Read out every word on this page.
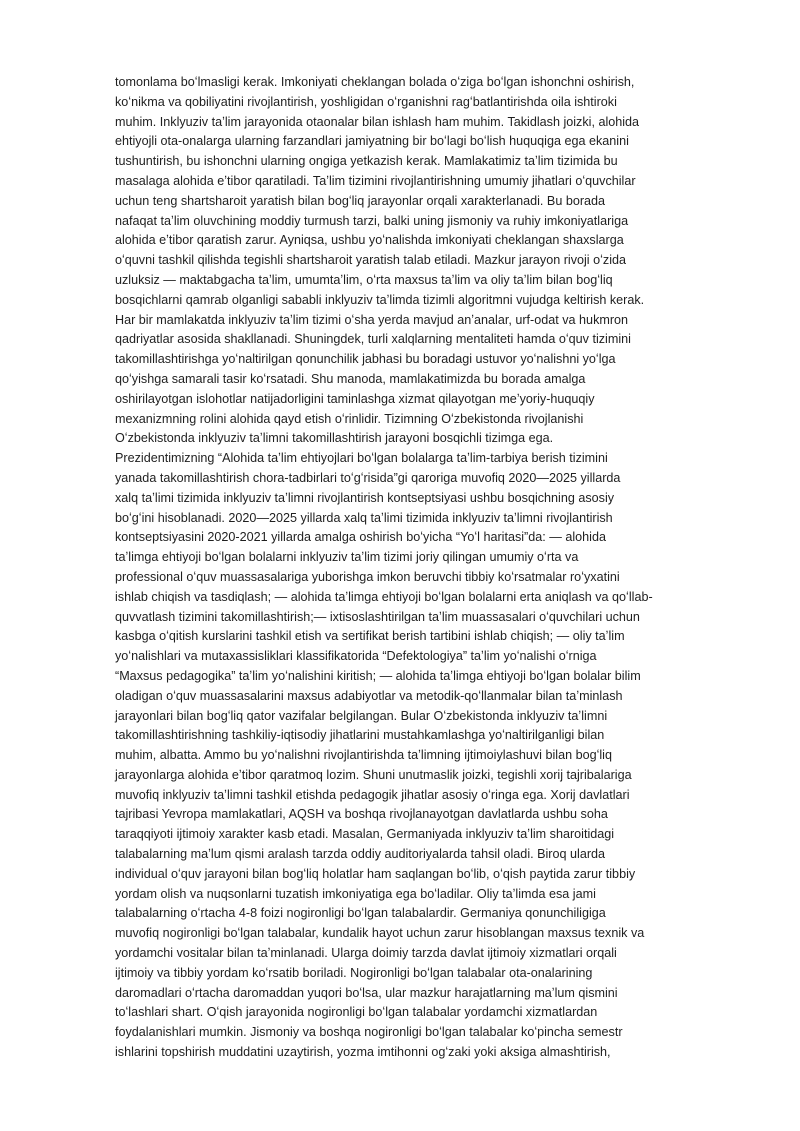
tomonlama boʻlmasligi kerak. Imkoniyati cheklangan bolada oʻziga boʻlgan ishonchni oshirish,
koʻnikma va qobiliyatini rivojlantirish, yoshligidan oʻrganishni ragʻbatlantirishda oila ishtiroki
muhim. Inklyuziv taʼlim jarayonida otaonalar bilan ishlash ham muhim. Takidlash joizki, alohida
ehtiyojli ota-onalarga ularning farzandlari jamiyatning bir boʻlagi boʻlish huquqiga ega ekanini
tushuntirish, bu ishonchni ularning ongiga yetkazish kerak. Mamlakatimiz taʼlim tizimida bu
masalaga alohida eʼtibor qaratiladi. Taʼlim tizimini rivojlantirishning umumiy jihatlari oʻquvchilar
uchun teng shartsharoit yaratish bilan bogʻliq jarayonlar orqali xarakterlanadi. Bu borada
nafaqat taʼlim oluvchining moddiy turmush tarzi, balki uning jismoniy va ruhiy imkoniyatlariga
alohida eʼtibor qaratish zarur. Ayniqsa, ushbu yoʻnalishda imkoniyati cheklangan shaxslarga
oʻquvni tashkil qilishda tegishli shartsharoit yaratish talab etiladi. Mazkur jarayon rivoji oʻzida
uzluksiz — maktabgacha taʼlim, umumtaʼlim, oʻrta maxsus taʼlim va oliy taʼlim bilan bogʻliq
bosqichlarni qamrab olganligi sababli inklyuziv taʼlimda tizimli algoritmni vujudga keltirish kerak.
Har bir mamlakatda inklyuziv taʼlim tizimi oʻsha yerda mavjud anʼanalar, urf-odat va hukmron
qadriyatlar asosida shakllanadi. Shuningdek, turli xalqlarning mentaliteti hamda oʻquv tizimini
takomillashtirishga yoʻnaltirilgan qonunchilik jabhasi bu boradagi ustuvor yoʻnalishni yoʻlga
qoʻyishga samarali tasir koʻrsatadi. Shu manoda, mamlakatimizda bu borada amalga
oshirilayotgan islohotlar natijadorligini taminlashga xizmat qilayotgan meʼyoriy-huquqiy
mexanizmning rolini alohida qayd etish oʻrinlidir. Tizimning Oʻzbekistonda rivojlanishi
Oʻzbekistonda inklyuziv taʼlimni takomillashtirish jarayoni bosqichli tizimga ega.
Prezidentimizning “Alohida taʼlim ehtiyojlari boʻlgan bolalarga taʼlim-tarbiya berish tizimini
yanada takomillashtirish chora-tadbirlari toʻgʻrisida”gi qaroriga muvofiq 2020—2025 yillarda
xalq taʼlimi tizimida inklyuziv taʼlimni rivojlantirish kontseptsiyasi ushbu bosqichning asosiy
boʻgʻini hisoblanadi. 2020—2025 yillarda xalq taʼlimi tizimida inklyuziv taʼlimni rivojlantirish
kontseptsiyasini 2020-2021 yillarda amalga oshirish boʻyicha “Yoʻl haritasi”da: — alohida
taʼlimga ehtiyoji boʻlgan bolalarni inklyuziv taʼlim tizimi joriy qilingan umumiy oʻrta va
professional oʻquv muassasalariga yuborishga imkon beruvchi tibbiy koʻrsatmalar roʻyxatini
ishlab chiqish va tasdiqlash; — alohida taʼlimga ehtiyoji boʻlgan bolalarni erta aniqlash va qoʻllab-
quvvatlash tizimini takomillashtirish;— ixtisoslashtirilgan taʼlim muassasalari oʻquvchilari uchun
kasbga oʻqitish kurslarini tashkil etish va sertifikat berish tartibini ishlab chiqish; — oliy taʼlim
yoʻnalishlari va mutaxassisliklari klassifikatorida “Defektologiya” taʼlim yoʻnalishi oʻrniga
“Maxsus pedagogika” taʼlim yoʻnalishini kiritish; — alohida taʼlimga ehtiyoji boʻlgan bolalar bilim
oladigan oʻquv muassasalarini maxsus adabiyotlar va metodik-qoʻllanmalar bilan taʼminlash
jarayonlari bilan bogʻliq qator vazifalar belgilangan. Bular Oʻzbekistonda inklyuziv taʼlimni
takomillashtirishning tashkiliy-iqtisodiy jihatlarini mustahkamlashga yoʻnaltirilganligi bilan
muhim, albatta. Ammo bu yoʻnalishni rivojlantirishda taʼlimning ijtimoiylashuvi bilan bogʻliq
jarayonlarga alohida eʼtibor qaratmoq lozim. Shuni unutmaslik joizki, tegishli xorij tajribalariga
muvofiq inklyuziv taʼlimni tashkil etishda pedagogik jihatlar asosiy oʻringa ega. Xorij davlatlari
tajribasi Yevropa mamlakatlari, AQSH va boshqa rivojlanayotgan davlatlarda ushbu soha
taraqqiyoti ijtimoiy xarakter kasb etadi. Masalan, Germaniyada inklyuziv taʼlim sharoitidagi
talabalarning maʼlum qismi aralash tarzda oddiy auditoriyalarda tahsil oladi. Biroq ularda
individual oʻquv jarayoni bilan bogʻliq holatlar ham saqlangan boʻlib, oʻqish paytida zarur tibbiy
yordam olish va nuqsonlarni tuzatish imkoniyatiga ega boʻladilar. Oliy taʼlimda esa jami
talabalarning oʻrtacha 4-8 foizi nogironligi boʻlgan talabalardir. Germaniya qonunchiligiga
muvofiq nogironligi boʻlgan talabalar, kundalik hayot uchun zarur hisoblangan maxsus texnik va
yordamchi vositalar bilan taʼminlanadi. Ularga doimiy tarzda davlat ijtimoiy xizmatlari orqali
ijtimoiy va tibbiy yordam koʻrsatib boriladi. Nogironligi boʻlgan talabalar ota-onalarining
daromadlari oʻrtacha daromaddan yuqori boʻlsa, ular mazkur harajatlarning maʼlum qismini
toʻlashlari shart. Oʻqish jarayonida nogironligi boʻlgan talabalar yordamchi xizmatlardan
foydalanishlari mumkin. Jismoniy va boshqa nogironligi boʻlgan talabalar koʻpincha semestr
ishlarini topshirish muddatini uzaytirish, yozma imtihonni ogʻzaki yoki aksiga almashtirish,
